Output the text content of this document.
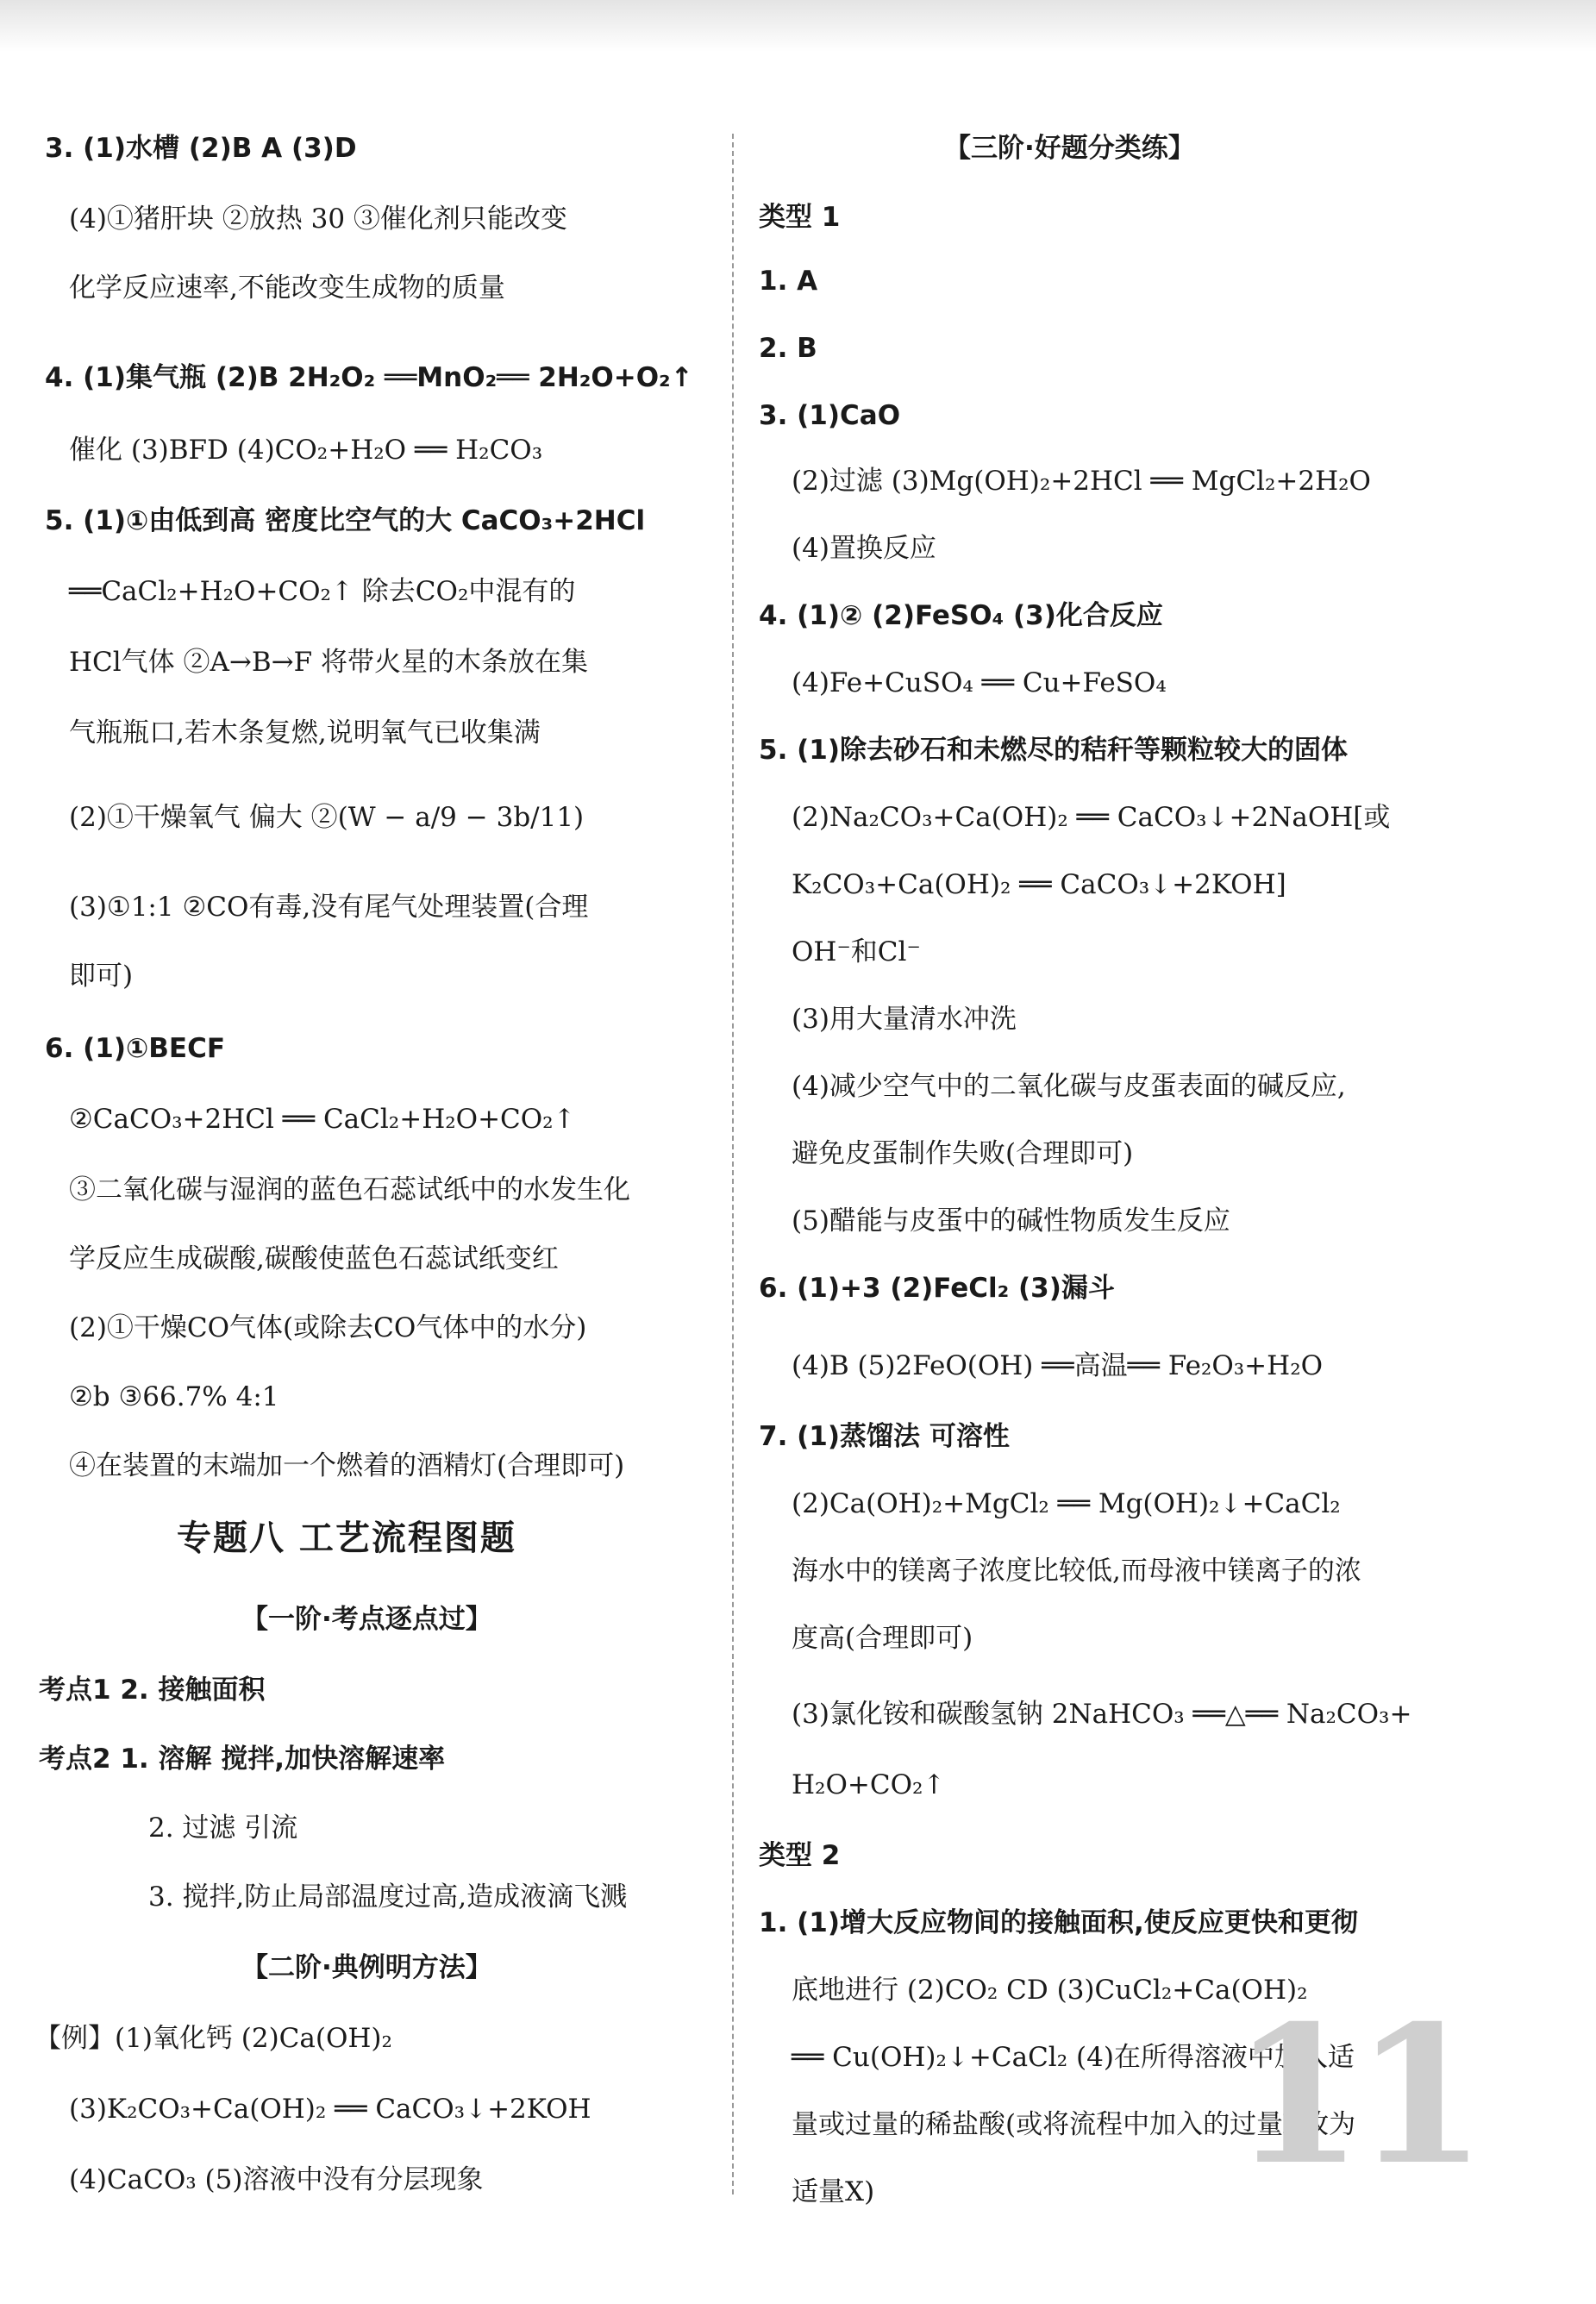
3. (1)水槽 (2)B A (3)D
(4)①猪肝块 ②放热 30 ③催化剂只能改变
化学反应速率,不能改变生成物的质量
4. (1)集气瓶 (2)B 2H₂O₂ ══MnO₂══ 2H₂O+O₂↑
催化 (3)BFD (4)CO₂+H₂O ══ H₂CO₃
5. (1)①由低到高 密度比空气的大 CaCO₃+2HCl
══CaCl₂+H₂O+CO₂↑ 除去CO₂中混有的
HCl气体 ②A→B→F 将带火星的木条放在集
气瓶瓶口,若木条复燃,说明氧气已收集满
(2)①干燥氧气 偏大 ②(W − a/9 − 3b/11)
(3)①1:1 ②CO有毒,没有尾气处理装置(合理
即可)
6. (1)①BECF
②CaCO₃+2HCl ══ CaCl₂+H₂O+CO₂↑
③二氧化碳与湿润的蓝色石蕊试纸中的水发生化
学反应生成碳酸,碳酸使蓝色石蕊试纸变红
(2)①干燥CO气体(或除去CO气体中的水分)
②b ③66.7% 4:1
④在装置的末端加一个燃着的酒精灯(合理即可)
专题八 工艺流程图题
【一阶·考点逐点过】
考点1 2. 接触面积
考点2 1. 溶解 搅拌,加快溶解速率
2. 过滤 引流
3. 搅拌,防止局部温度过高,造成液滴飞溅
【二阶·典例明方法】
【例】(1)氧化钙 (2)Ca(OH)₂
(3)K₂CO₃+Ca(OH)₂ ══ CaCO₃↓+2KOH
(4)CaCO₃ (5)溶液中没有分层现象
【三阶·好题分类练】
类型 1
1. A
2. B
3. (1)CaO
(2)过滤 (3)Mg(OH)₂+2HCl ══ MgCl₂+2H₂O
(4)置换反应
4. (1)② (2)FeSO₄ (3)化合反应
(4)Fe+CuSO₄ ══ Cu+FeSO₄
5. (1)除去砂石和未燃尽的秸秆等颗粒较大的固体
(2)Na₂CO₃+Ca(OH)₂ ══ CaCO₃↓+2NaOH[或
K₂CO₃+Ca(OH)₂ ══ CaCO₃↓+2KOH]
OH⁻和Cl⁻
(3)用大量清水冲洗
(4)减少空气中的二氧化碳与皮蛋表面的碱反应,
避免皮蛋制作失败(合理即可)
(5)醋能与皮蛋中的碱性物质发生反应
6. (1)+3 (2)FeCl₂ (3)漏斗
(4)B (5)2FeO(OH) ══高温══ Fe₂O₃+H₂O
7. (1)蒸馏法 可溶性
(2)Ca(OH)₂+MgCl₂ ══ Mg(OH)₂↓+CaCl₂
海水中的镁离子浓度比较低,而母液中镁离子的浓
度高(合理即可)
(3)氯化铵和碳酸氢钠 2NaHCO₃ ══△══ Na₂CO₃+
H₂O+CO₂↑
类型 2
1. (1)增大反应物间的接触面积,使反应更快和更彻
底地进行 (2)CO₂ CD (3)CuCl₂+Ca(OH)₂
══ Cu(OH)₂↓+CaCl₂ (4)在所得溶液中加入适
量或过量的稀盐酸(或将流程中加入的过量X改为
适量X) 11
